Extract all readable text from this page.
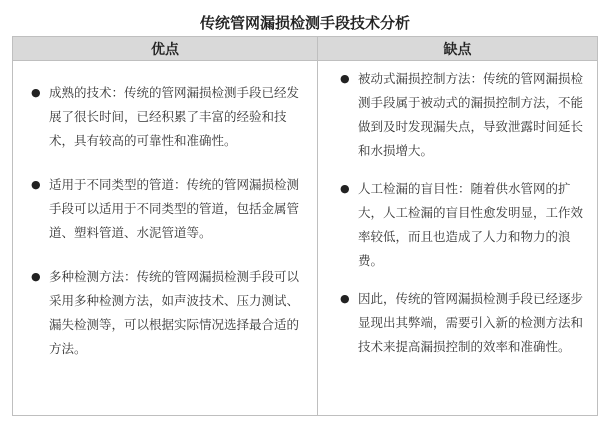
传统管网漏损检测手段技术分析
优点	缺点
● 成熟的技术：传统的管网漏损检测手段已经发展了很长时间，已经积累了丰富的经验和技术，具有较高的可靠性和准确性。
● 适用于不同类型的管道：传统的管网漏损检测手段可以适用于不同类型的管道，包括金属管道、塑料管道、水泥管道等。
● 多种检测方法：传统的管网漏损检测手段可以采用多种检测方法，如声波技术、压力测试、漏失检测等，可以根据实际情况选择最合适的方法。
● 被动式漏损控制方法：传统的管网漏损检测手段属于被动式的漏损控制方法，不能做到及时发现漏失点，导致泄露时间延长和水损增大。
● 人工检漏的盲目性：随着供水管网的扩大，人工检漏的盲目性愈发明显，工作效率较低，而且也造成了人力和物力的浪费。
● 因此，传统的管网漏损检测手段已经逐步显现出其弊端，需要引入新的检测方法和技术来提高漏损控制的效率和准确性。
